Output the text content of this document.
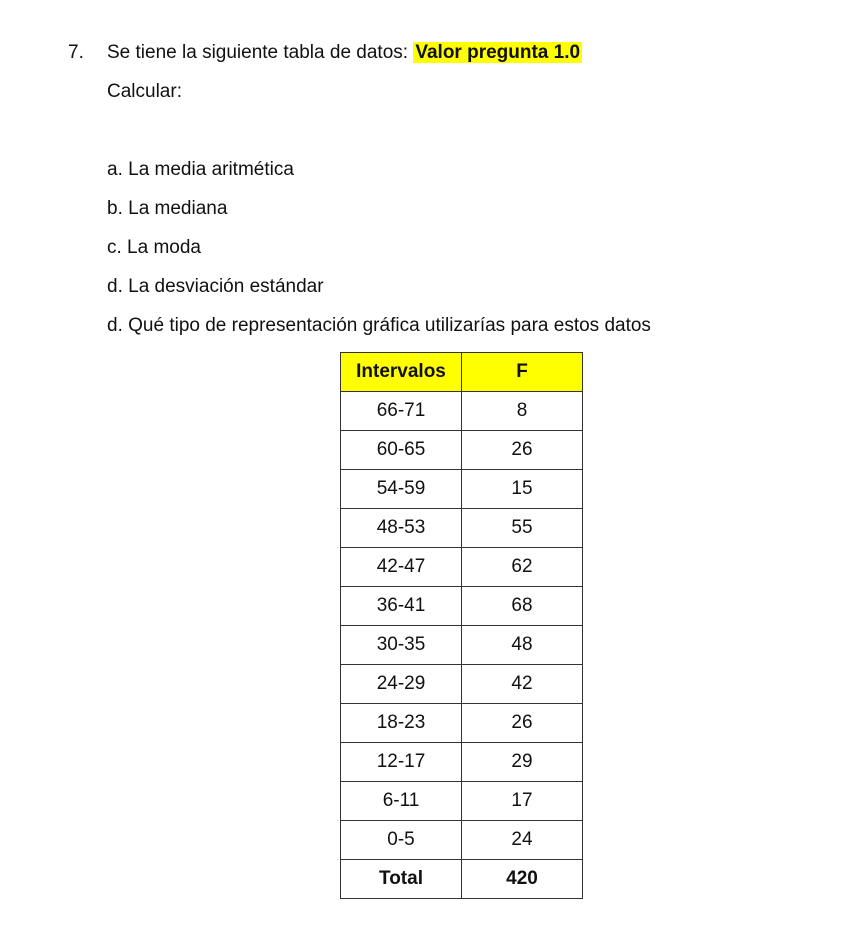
7. Se tiene la siguiente tabla de datos: Valor pregunta 1.0
Calcular:
a. La media aritmética
b. La mediana
c. La moda
d. La desviación estándar
d. Qué tipo de representación gráfica utilizarías para estos datos
Intervalos	F
66-71	8
60-65	26
54-59	15
48-53	55
42-47	62
36-41	68
30-35	48
24-29	42
18-23	26
12-17	29
6-11	17
0-5	24
Total	420
